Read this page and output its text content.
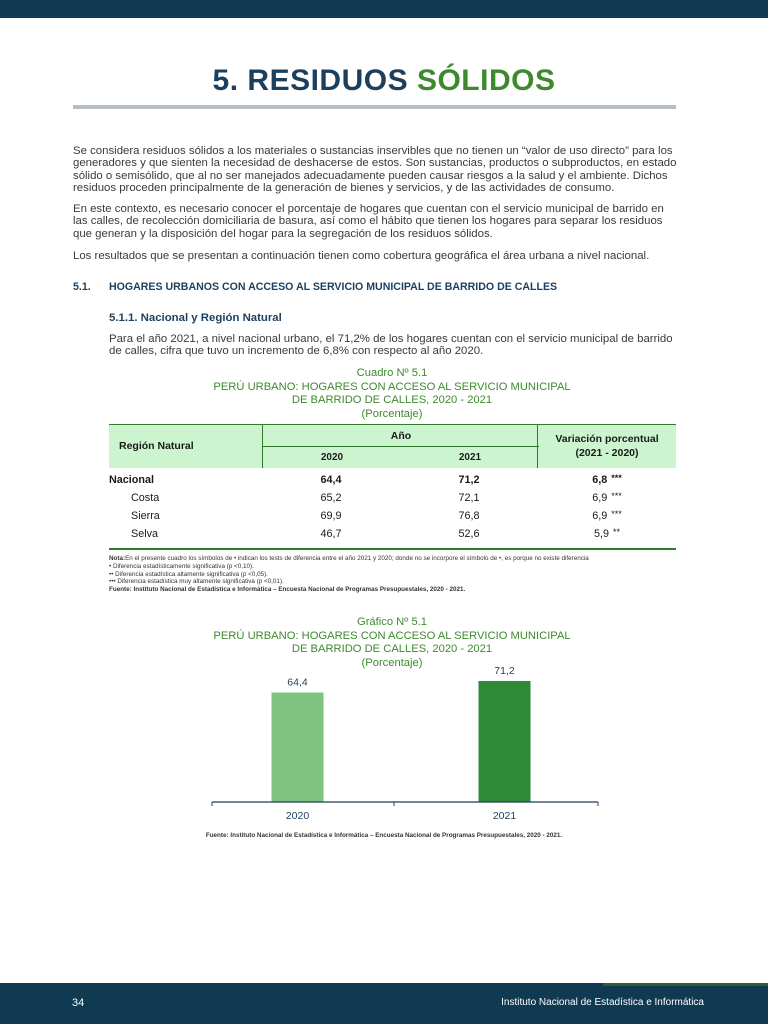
5. RESIDUOS SÓLIDOS

Se considera residuos sólidos a los materiales o sustancias inservibles que no tienen un “valor de uso directo” para los generadores y que sienten la necesidad de deshacerse de estos. Son sustancias, productos o subproductos, en estado sólido o semisólido, que al no ser manejados adecuadamente pueden causar riesgos a la salud y el ambiente. Dichos residuos proceden principalmente de la generación de bienes y servicios, y de las actividades de consumo.

En este contexto, es necesario conocer el porcentaje de hogares que cuentan con el servicio municipal de barrido en las calles, de recolección domiciliaria de basura, así como el hábito que tienen los hogares para separar los residuos que generan y la disposición del hogar para la segregación de los residuos sólidos.

Los resultados que se presentan a continuación tienen como cobertura geográfica el área urbana a nivel nacional.

5.1. HOGARES URBANOS CON ACCESO AL SERVICIO MUNICIPAL DE BARRIDO DE CALLES
5.1.1. Nacional y Región Natural

Para el año 2021, a nivel nacional urbano, el 71,2% de los hogares cuentan con el servicio municipal de barrido de calles, cifra que tuvo un incremento de 6,8% con respecto al año 2020.

Cuadro Nº 5.1
PERÚ URBANO: HOGARES CON ACCESO AL SERVICIO MUNICIPAL
DE BARRIDO DE CALLES, 2020 - 2021
(Porcentaje)
Región Natural
Año
2020	2021
Variación porcentual
(2021 - 2020)
Nacional	64,4	71,2	6,8 ***
Costa	65,2	72,1	6,9 ***
Sierra	69,9	76,8	6,9 ***
Selva	46,7	52,6	5,9 **
Nota:En el presente cuadro los símbolos de • indican los tests de diferencia entre el año 2021 y 2020; donde no se incorpore el símbolo de •, es porque no existe diferencia
• Diferencia estadísticamente significativa (p <0,10).
•• Diferencia estadística altamente significativa (p <0,05).
••• Diferencia estadística muy altamente significativa (p <0,01).
Fuente: Instituto Nacional de Estadística e Informática – Encuesta Nacional de Programas Presupuestales, 2020 - 2021.
Gráfico Nº 5.1
PERÚ URBANO: HOGARES CON ACCESO AL SERVICIO MUNICIPAL
DE BARRIDO DE CALLES, 2020 - 2021
(Porcentaje)
64,4
2020
71,2
2021
Fuente: Instituto Nacional de Estadística e Informática – Encuesta Nacional de Programas Presupuestales, 2020 - 2021.
34	Instituto Nacional de Estadística e Informática
